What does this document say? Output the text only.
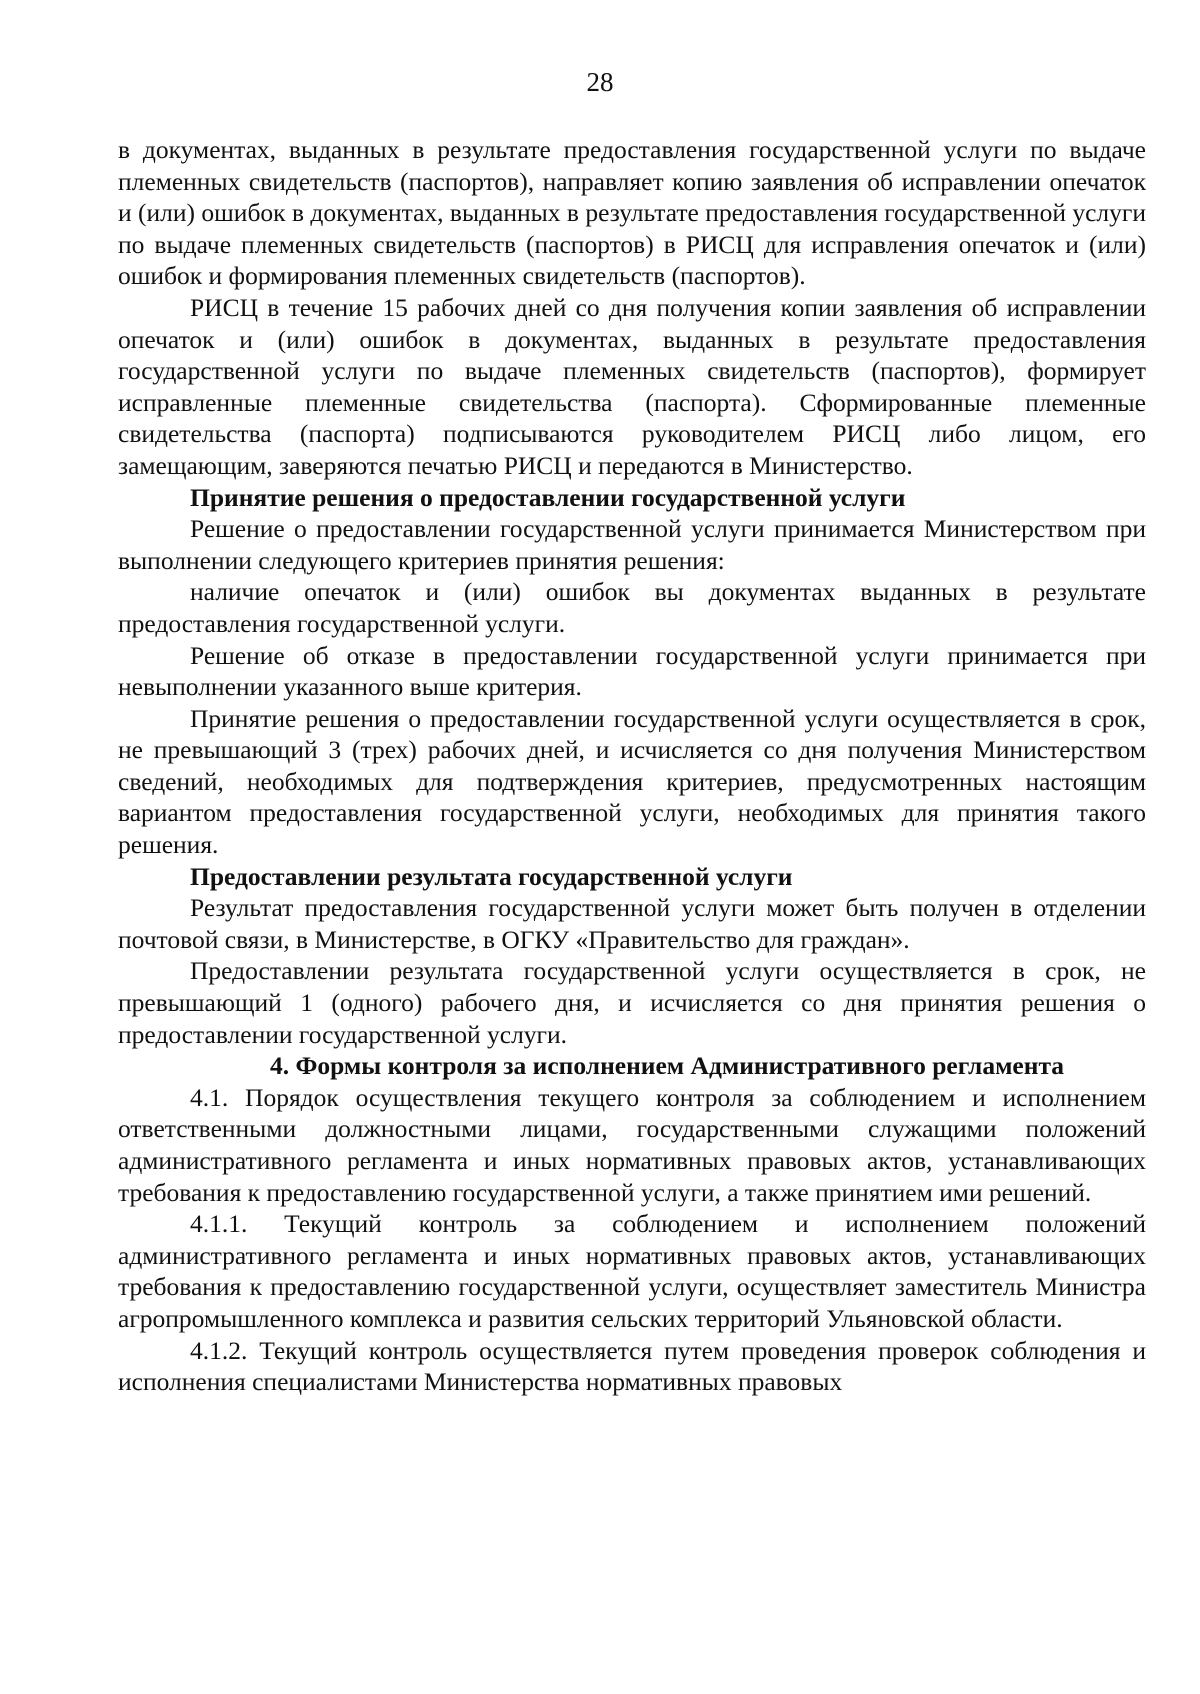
28

в документах, выданных в результате предоставления государственной услуги по выдаче племенных свидетельств (паспортов), направляет копию заявления об исправлении опечаток и (или) ошибок в документах, выданных в результате предоставления государственной услуги по выдаче племенных свидетельств (паспортов) в РИСЦ для исправления опечаток и (или) ошибок и формирования племенных свидетельств (паспортов).

РИСЦ в течение 15 рабочих дней со дня получения копии заявления об исправлении опечаток и (или) ошибок в документах, выданных в результате предоставления государственной услуги по выдаче племенных свидетельств (паспортов), формирует исправленные племенные свидетельства (паспорта). Сформированные племенные свидетельства (паспорта) подписываются руководителем РИСЦ либо лицом, его замещающим, заверяются печатью РИСЦ и передаются в Министерство.

Принятие решения о предоставлении государственной услуги

Решение о предоставлении государственной услуги принимается Министерством при выполнении следующего критериев принятия решения:

наличие опечаток и (или) ошибок вы документах выданных в результате предоставления государственной услуги.

Решение об отказе в предоставлении государственной услуги принимается при невыполнении указанного выше критерия.

Принятие решения о предоставлении государственной услуги осуществляется в срок, не превышающий 3 (трех) рабочих дней, и исчисляется со дня получения Министерством сведений, необходимых для подтверждения критериев, предусмотренных настоящим вариантом предоставления государственной услуги, необходимых для принятия такого решения.

Предоставлении результата государственной услуги

Результат предоставления государственной услуги может быть получен в отделении почтовой связи, в Министерстве, в ОГКУ «Правительство для граждан».

Предоставлении результата государственной услуги осуществляется в срок, не превышающий 1 (одного) рабочего дня, и исчисляется со дня принятия решения о предоставлении государственной услуги.

4. Формы контроля за исполнением Административного регламента

4.1. Порядок осуществления текущего контроля за соблюдением и исполнением ответственными должностными лицами, государственными служащими положений административного регламента и иных нормативных правовых актов, устанавливающих требования к предоставлению государственной услуги, а также принятием ими решений.

4.1.1. Текущий контроль за соблюдением и исполнением положений административного регламента и иных нормативных правовых актов, устанавливающих требования к предоставлению государственной услуги, осуществляет заместитель Министра агропромышленного комплекса и развития сельских территорий Ульяновской области.

4.1.2. Текущий контроль осуществляется путем проведения проверок соблюдения и исполнения специалистами Министерства нормативных правовых
